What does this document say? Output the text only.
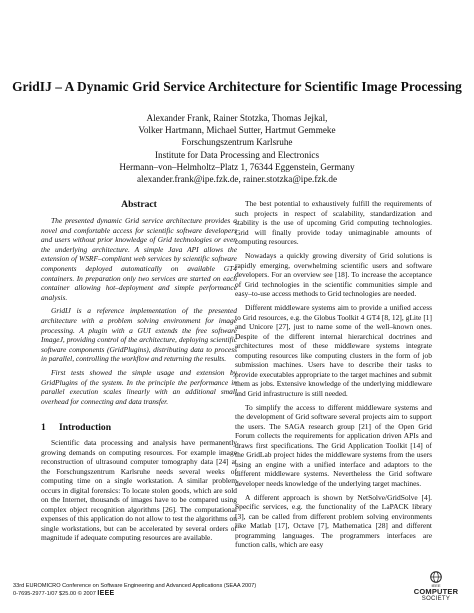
GridIJ – A Dynamic Grid Service Architecture for Scientific Image Processing
Alexander Frank, Rainer Stotzka, Thomas Jejkal,
Volker Hartmann, Michael Sutter, Hartmut Gemmeke
Forschungszentrum Karlsruhe
Institute for Data Processing and Electronics
Hermann–von–Helmholtz–Platz 1, 76344 Eggenstein, Germany
alexander.frank@ipe.fzk.de, rainer.stotzka@ipe.fzk.de
Abstract

The presented dynamic Grid service architecture provides a novel and comfortable access for scientific software developers and users without prior knowledge of Grid technologies or even the underlying architecture. A simple Java API allows the extension of WSRF–compliant web services by scientific software components deployed automatically on available GT4 containers. In preparation only two services are started on each container allowing hot–deployment and simple performance analysis.

GridIJ is a reference implementation of the presented architecture with a problem solving environment for image processing. A plugin with a GUI extends the free software ImageJ, providing control of the architecture, deploying scientific software components (GridPlugins), distributing data to process in parallel, controlling the workflow and returning the results.

First tests showed the simple usage and extension by GridPlugins of the system. In the principle the performance in parallel execution scales linearly with an additional small overhead for connecting and data transfer.

1 Introduction

Scientific data processing and analysis have permanently growing demands on computing resources. For example image reconstruction of ultrasound computer tomography data [24] at the Forschungszentrum Karlsruhe needs several weeks of computing time on a single workstation. A similar problem occurs in digital forensics: To locate stolen goods, which are sold on the Internet, thousands of images have to be compared using complex object recognition algorithms [26]. The computational expenses of this application do not allow to test the algorithms on single workstations, but can be accelerated by several orders of magnitude if adequate computing resources are available.

The best potential to exhaustively fulfill the requirements of such projects in respect of scalability, standardization and stability is the use of upcoming Grid computing technologies. Grid will finally provide today unimaginable amounts of computing resources.

Nowadays a quickly growing diversity of Grid solutions is rapidly emerging, overwhelming scientific users and software developers. For an overview see [18]. To increase the acceptance of Grid technologies in the scientific communities simple and easy–to-use access methods to Grid technologies are needed.

Different middleware systems aim to provide a unified access to Grid resources, e.g. the Globus Toolkit 4 GT4 [8, 12], gLite [1] and Unicore [27], just to name some of the well–known ones. Despite of the different internal hierarchical doctrines and architectures most of these middleware systems integrate computing resources like computing clusters in the form of job submission machines. Users have to describe their tasks to provide executables appropriate to the target machines and submit them as jobs. Extensive knowledge of the underlying middleware and Grid infrastructure is still needed.

To simplify the access to different middleware systems and the development of Grid software several projects aim to support the users. The SAGA research group [21] of the Open Grid Forum collects the requirements for application driven APIs and draws first specifications. The Grid Application Toolkit [14] of the GridLab project hides the middleware systems from the users using an engine with a unified interface and adaptors to the different middleware systems. Nevertheless the Grid software developer needs knowledge of the underlying target machines.

A different approach is shown by NetSolve/GridSolve [4]. Specific services, e.g. the functionality of the LaPACK library [3], can be called from different problem solving environments like Matlab [17], Octave [7], Mathematica [28] and different programming languages. The programmers interfaces are function calls, which are easy

33rd EUROMICRO Conference on Software Engineering and Advanced Applications (SEAA 2007)
0-7695-2977-1/07 $25.00 © 2007 IEEE
IEEE
COMPUTER
SOCIETY
